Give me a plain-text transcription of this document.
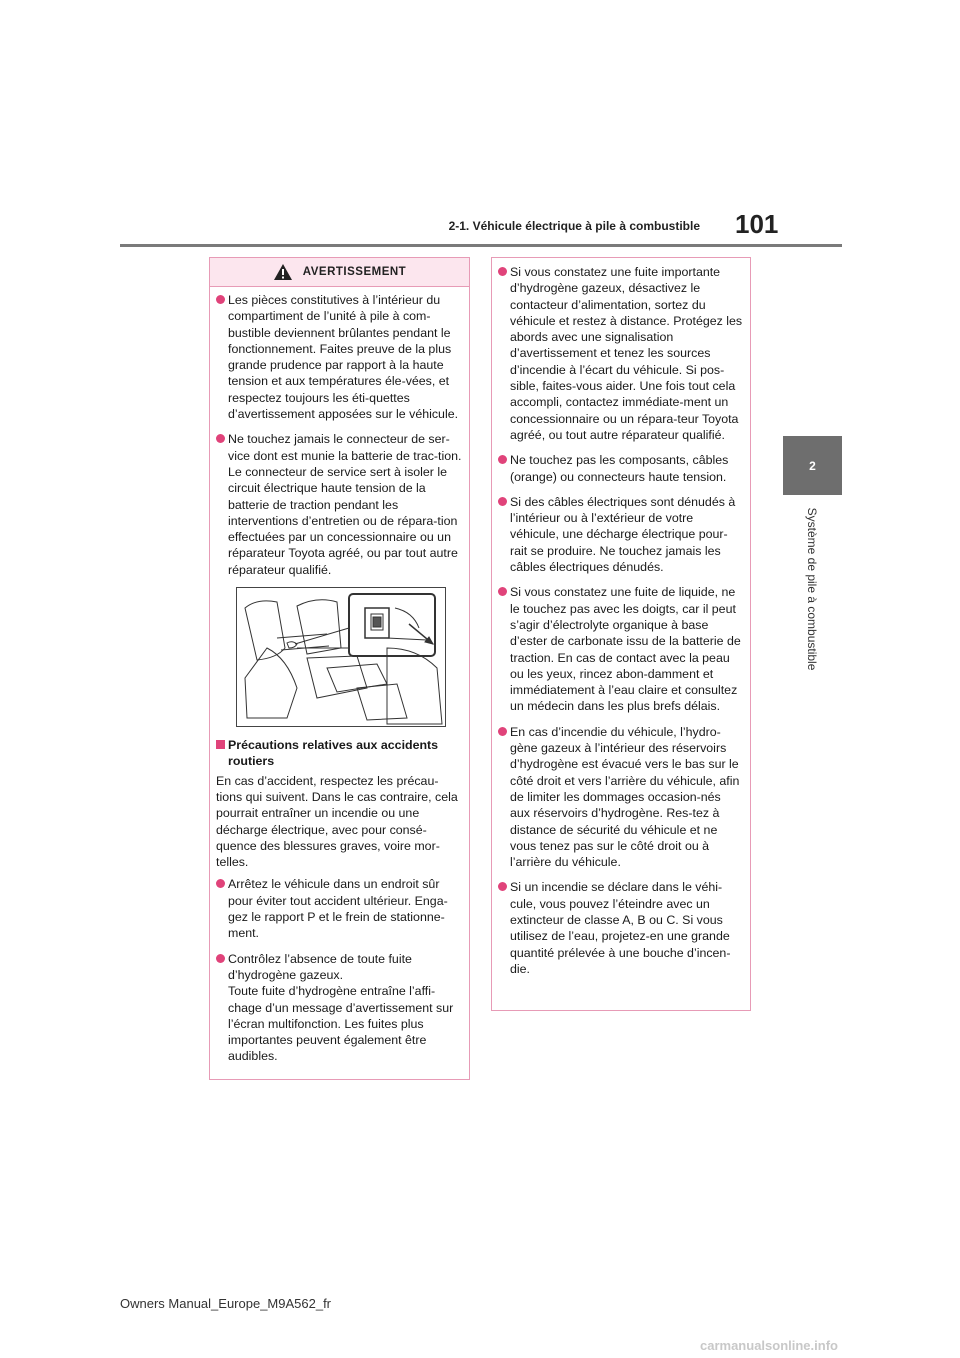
2-1. Véhicule électrique à pile à combustible 101
2
Système de pile à combustible
AVERTISSEMENT
Les pièces constitutives à l’intérieur du compartiment de l’unité à pile à com-bustible deviennent brûlantes pendant le fonctionnement. Faites preuve de la plus grande prudence par rapport à la haute tension et aux températures éle-vées, et respectez toujours les éti-quettes d’avertissement apposées sur le véhicule.
Ne touchez jamais le connecteur de ser-vice dont est munie la batterie de trac-tion. Le connecteur de service sert à isoler le circuit électrique haute tension de la batterie de traction pendant les interventions d’entretien ou de répara-tion effectuées par un concessionnaire ou un réparateur Toyota agréé, ou par tout autre réparateur qualifié.
Précautions relatives aux accidents routiers
En cas d’accident, respectez les précau-tions qui suivent. Dans le cas contraire, cela pourrait entraîner un incendie ou une décharge électrique, avec pour consé-quence des blessures graves, voire mor-telles.
Arrêtez le véhicule dans un endroit sûr pour éviter tout accident ultérieur. Enga-gez le rapport P et le frein de stationne-ment.
Contrôlez l’absence de toute fuite d’hydrogène gazeux.
Toute fuite d’hydrogène entraîne l’affi-chage d’un message d’avertissement sur l’écran multifonction. Les fuites plus importantes peuvent également être audibles.
Si vous constatez une fuite importante d’hydrogène gazeux, désactivez le contacteur d’alimentation, sortez du véhicule et restez à distance. Protégez les abords avec une signalisation d’avertissement et tenez les sources d’incendie à l’écart du véhicule. Si pos-sible, faites-vous aider. Une fois tout cela accompli, contactez immédiate-ment un concessionnaire ou un répara-teur Toyota agréé, ou tout autre réparateur qualifié.
Ne touchez pas les composants, câbles (orange) ou connecteurs haute tension.
Si des câbles électriques sont dénudés à l’intérieur ou à l’extérieur de votre véhicule, une décharge électrique pour-rait se produire. Ne touchez jamais les câbles électriques dénudés.
Si vous constatez une fuite de liquide, ne le touchez pas avec les doigts, car il peut s’agir d’électrolyte organique à base d’ester de carbonate issu de la batterie de traction. En cas de contact avec la peau ou les yeux, rincez abon-damment et immédiatement à l’eau claire et consultez un médecin dans les plus brefs délais.
En cas d’incendie du véhicule, l’hydro-gène gazeux à l’intérieur des réservoirs d’hydrogène est évacué vers le bas sur le côté droit et vers l’arrière du véhicule, afin de limiter les dommages occasion-nés aux réservoirs d’hydrogène. Res-tez à distance de sécurité du véhicule et ne vous tenez pas sur le côté droit ou à l’arrière du véhicule.
Si un incendie se déclare dans le véhi-cule, vous pouvez l’éteindre avec un extincteur de classe A, B ou C. Si vous utilisez de l’eau, projetez-en une grande quantité prélevée à une bouche d’incen-die.
Owners Manual_Europe_M9A562_fr
carmanualsonline.info
